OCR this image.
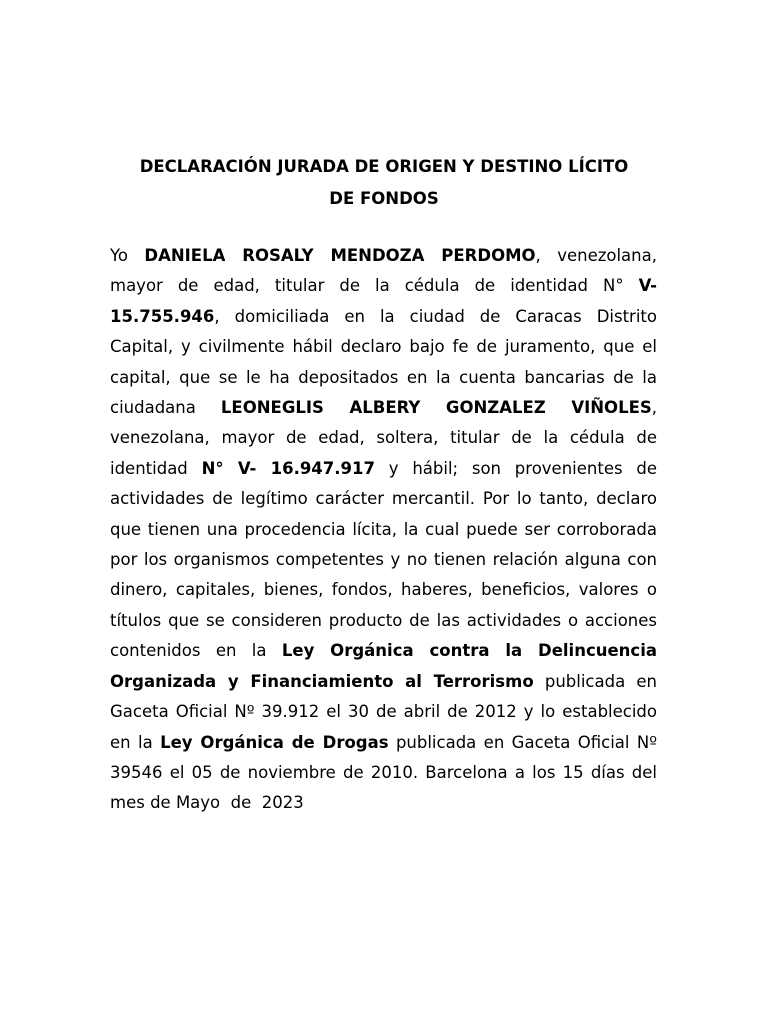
DECLARACIÓN JURADA DE ORIGEN Y DESTINO LÍCITO
DE FONDOS

Yo DANIELA ROSALY MENDOZA PERDOMO, venezolana, mayor de edad, titular de la cédula de identidad N° V-15.755.946, domiciliada en la ciudad de Caracas Distrito Capital, y civilmente hábil declaro bajo fe de juramento, que el capital, que se le ha depositados en la cuenta bancarias de la ciudadana LEONEGLIS ALBERY GONZALEZ VIÑOLES, venezolana, mayor de edad, soltera, titular de la cédula de identidad N° V- 16.947.917 y hábil; son provenientes de actividades de legítimo carácter mercantil. Por lo tanto, declaro que tienen una procedencia lícita, la cual puede ser corroborada por los organismos competentes y no tienen relación alguna con dinero, capitales, bienes, fondos, haberes, beneficios, valores o títulos que se consideren producto de las actividades o acciones contenidos en la Ley Orgánica contra la Delincuencia Organizada y Financiamiento al Terrorismo publicada en Gaceta Oficial Nº 39.912 el 30 de abril de 2012 y lo establecido en la Ley Orgánica de Drogas publicada en Gaceta Oficial Nº 39546 el 05 de noviembre de 2010. Barcelona a los 15 días del mes de Mayo  de  2023
